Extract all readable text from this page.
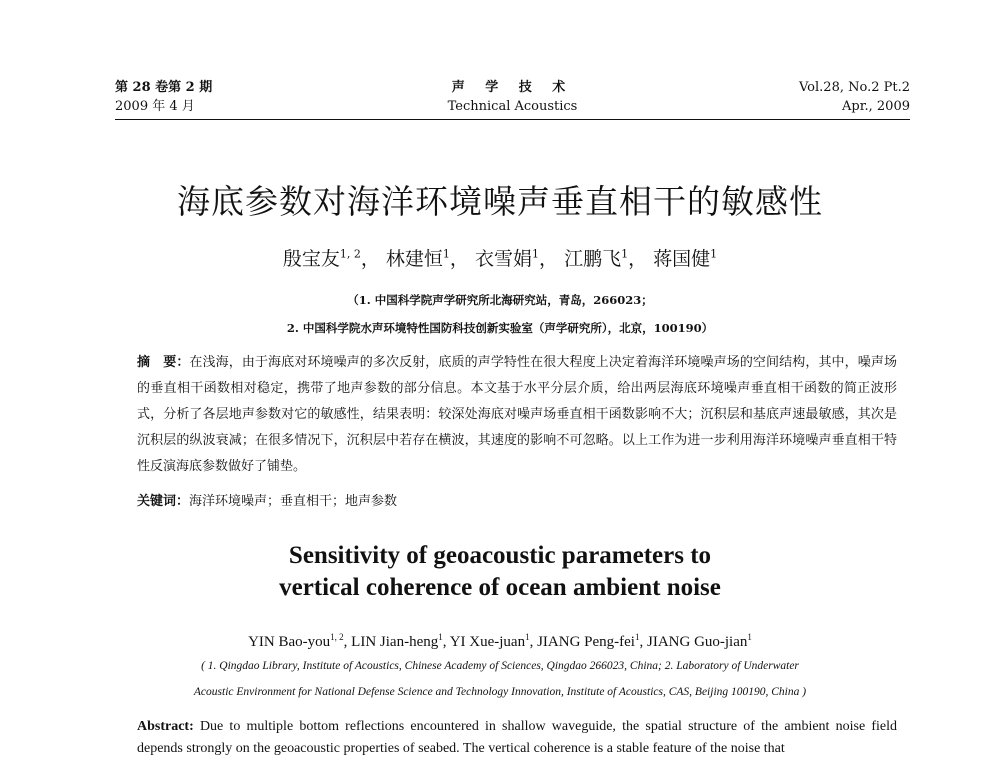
第 28 卷第 2 期
2009 年 4 月
声 学 技 术
Technical Acoustics
Vol.28, No.2 Pt.2
Apr., 2009
海底参数对海洋环境噪声垂直相干的敏感性
殷宝友$^{1, 2}$， 林建恒$^1$， 衣雪娟$^1$， 江鹏飞$^1$， 蒋国健$^1$
（1. 中国科学院声学研究所北海研究站，青岛，266023；
2. 中国科学院水声环境特性国防科技创新实验室（声学研究所），北京，100190）
摘　要：在浅海，由于海底对环境噪声的多次反射，底质的声学特性在很大程度上决定着海洋环境噪声场的空间结构，其中，噪声场的垂直相干函数相对稳定，携带了地声参数的部分信息。本文基于水平分层介质，给出两层海底环境噪声垂直相干函数的简正波形式，分析了各层地声参数对它的敏感性，结果表明：较深处海底对噪声场垂直相干函数影响不大；沉积层和基底声速最敏感，其次是沉积层的纵波衰减；在很多情况下，沉积层中若存在横波，其速度的影响不可忽略。以上工作为进一步利用海洋环境噪声垂直相干特性反演海底参数做好了铺垫。
关键词：海洋环境噪声；垂直相干；地声参数
Sensitivity of geoacoustic parameters to
vertical coherence of ocean ambient noise
YIN Bao-you$^{1, 2}$, LIN Jian-heng$^1$, YI Xue-juan$^1$, JIANG Peng-fei$^1$, JIANG Guo-jian$^1$
( 1. Qingdao Library, Institute of Acoustics, Chinese Academy of Sciences, Qingdao 266023, China; 2. Laboratory of Underwater
Acoustic Environment for National Defense Science and Technology Innovation, Institute of Acoustics, CAS, Beijing 100190, China )
Abstract: Due to multiple bottom reflections encountered in shallow waveguide, the spatial structure of the ambient noise field depends strongly on the geoacoustic properties of seabed. The vertical coherence is a stable feature of the noise that
